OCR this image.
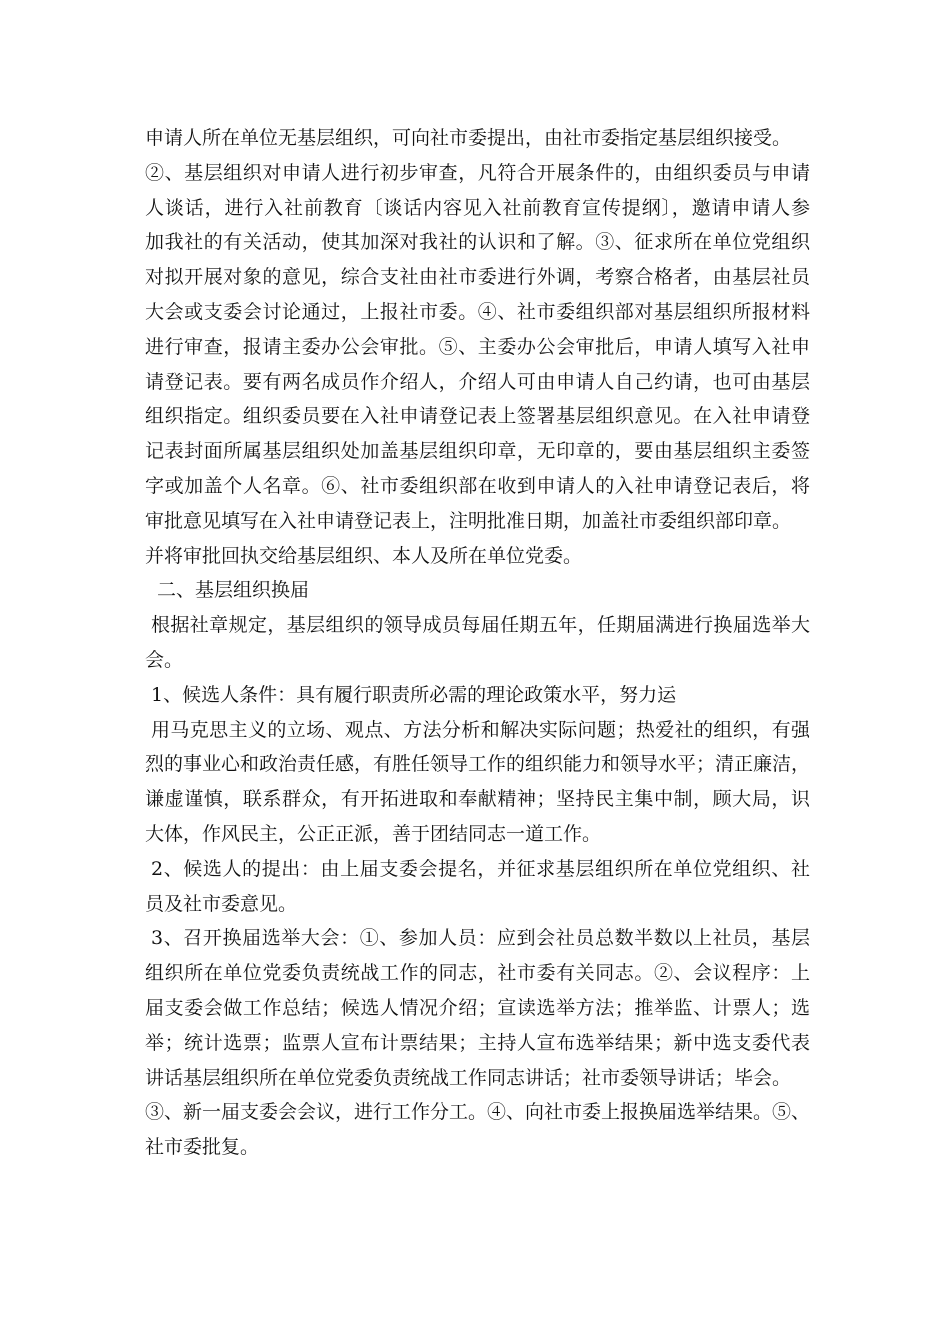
申请人所在单位无基层组织，可向社市委提出，由社市委指定基层组织接受。
②、基层组织对申请人进行初步审查，凡符合开展条件的，由组织委员与申请
人谈话，进行入社前教育〔谈话内容见入社前教育宣传提纲〕，邀请申请人参
加我社的有关活动，使其加深对我社的认识和了解。③、征求所在单位党组织
对拟开展对象的意见，综合支社由社市委进行外调，考察合格者，由基层社员
大会或支委会讨论通过，上报社市委。④、社市委组织部对基层组织所报材料
进行审查，报请主委办公会审批。⑤、主委办公会审批后，申请人填写入社申
请登记表。要有两名成员作介绍人，介绍人可由申请人自己约请，也可由基层
组织指定。组织委员要在入社申请登记表上签署基层组织意见。在入社申请登
记表封面所属基层组织处加盖基层组织印章，无印章的，要由基层组织主委签
字或加盖个人名章。⑥、社市委组织部在收到申请人的入社申请登记表后，将
审批意见填写在入社申请登记表上，注明批准日期，加盖社市委组织部印章。
并将审批回执交给基层组织、本人及所在单位党委。
二、基层组织换届
根据社章规定，基层组织的领导成员每届任期五年，任期届满进行换届选举大
会。
1、候选人条件：具有履行职责所必需的理论政策水平，努力运
用马克思主义的立场、观点、方法分析和解决实际问题；热爱社的组织，有强
烈的事业心和政治责任感，有胜任领导工作的组织能力和领导水平；清正廉洁，
谦虚谨慎，联系群众，有开拓进取和奉献精神；坚持民主集中制，顾大局，识
大体，作风民主，公正正派，善于团结同志一道工作。
2、候选人的提出：由上届支委会提名，并征求基层组织所在单位党组织、社
员及社市委意见。
3、召开换届选举大会：①、参加人员：应到会社员总数半数以上社员，基层
组织所在单位党委负责统战工作的同志，社市委有关同志。②、会议程序：上
届支委会做工作总结；候选人情况介绍；宣读选举方法；推举监、计票人；选
举；统计选票；监票人宣布计票结果；主持人宣布选举结果；新中选支委代表
讲话基层组织所在单位党委负责统战工作同志讲话；社市委领导讲话；毕会。
③、新一届支委会会议，进行工作分工。④、向社市委上报换届选举结果。⑤、
社市委批复。
